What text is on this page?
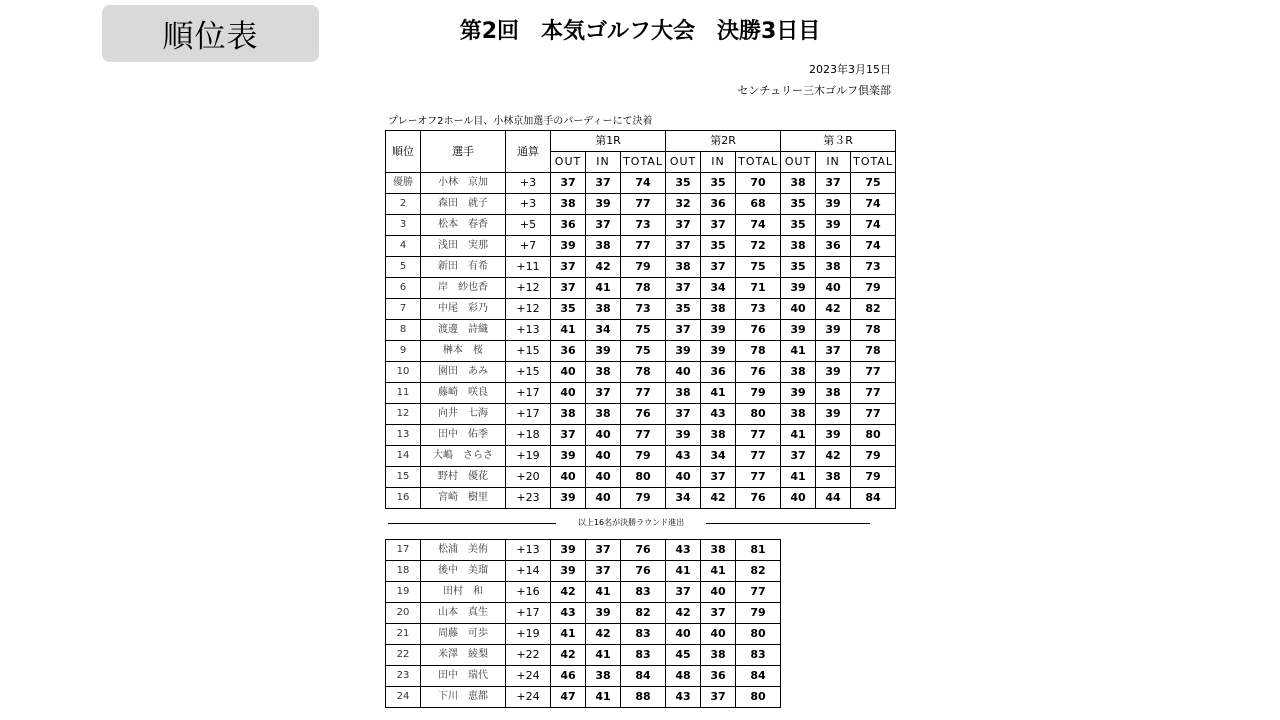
順位表	第2回　本気ゴルフ大会　決勝3日目
2023年3月15日
センチュリー三木ゴルフ倶楽部
プレーオフ2ホール目、小林京加選手のパーディーにて決着
順位	選手	通算	第1R			第2R			第３R		
			OUT	IN	TOTAL	OUT	IN	TOTAL	OUT	IN	TOTAL
優勝	小林　京加	+3	37	37	74	35	35	70	38	37	75
2	森田　就子	+3	38	39	77	32	36	68	35	39	74
3	松本　春香	+5	36	37	73	37	37	74	35	39	74
4	浅田　実那	+7	39	38	77	37	35	72	38	36	74
5	新田　有希	+11	37	42	79	38	37	75	35	38	73
6	岸　紗也香	+12	37	41	78	37	34	71	39	40	79
7	中尾　彩乃	+12	35	38	73	35	38	73	40	42	82
8	渡邊　詩織	+13	41	34	75	37	39	76	39	39	78
9	榊本　桜	+15	36	39	75	39	39	78	41	37	78
10	園田　あみ	+15	40	38	78	40	36	76	38	39	77
11	藤崎　咲良	+17	40	37	77	38	41	79	39	38	77
12	向井　七海	+17	38	38	76	37	43	80	38	39	77
13	田中　佑季	+18	37	40	77	39	38	77	41	39	80
14	大嶋　さらさ	+19	39	40	79	43	34	77	37	42	79
15	野村　優花	+20	40	40	80	40	37	77	41	38	79
16	宮崎　樹里	+23	39	40	79	34	42	76	40	44	84
以上16名が決勝ラウンド進出
17	松浦　美侑	+13	39	37	76	43	38	81
18	後中　美瑠	+14	39	37	76	41	41	82
19	田村　和	+16	42	41	83	37	40	77
20	山本　真生	+17	43	39	82	42	37	79
21	周藤　可歩	+19	41	42	83	40	40	80
22	米澤　綾梨	+22	42	41	83	45	38	83
23	田中　瑞代	+24	46	38	84	48	36	84
24	下川　恵都	+24	47	41	88	43	37	80
